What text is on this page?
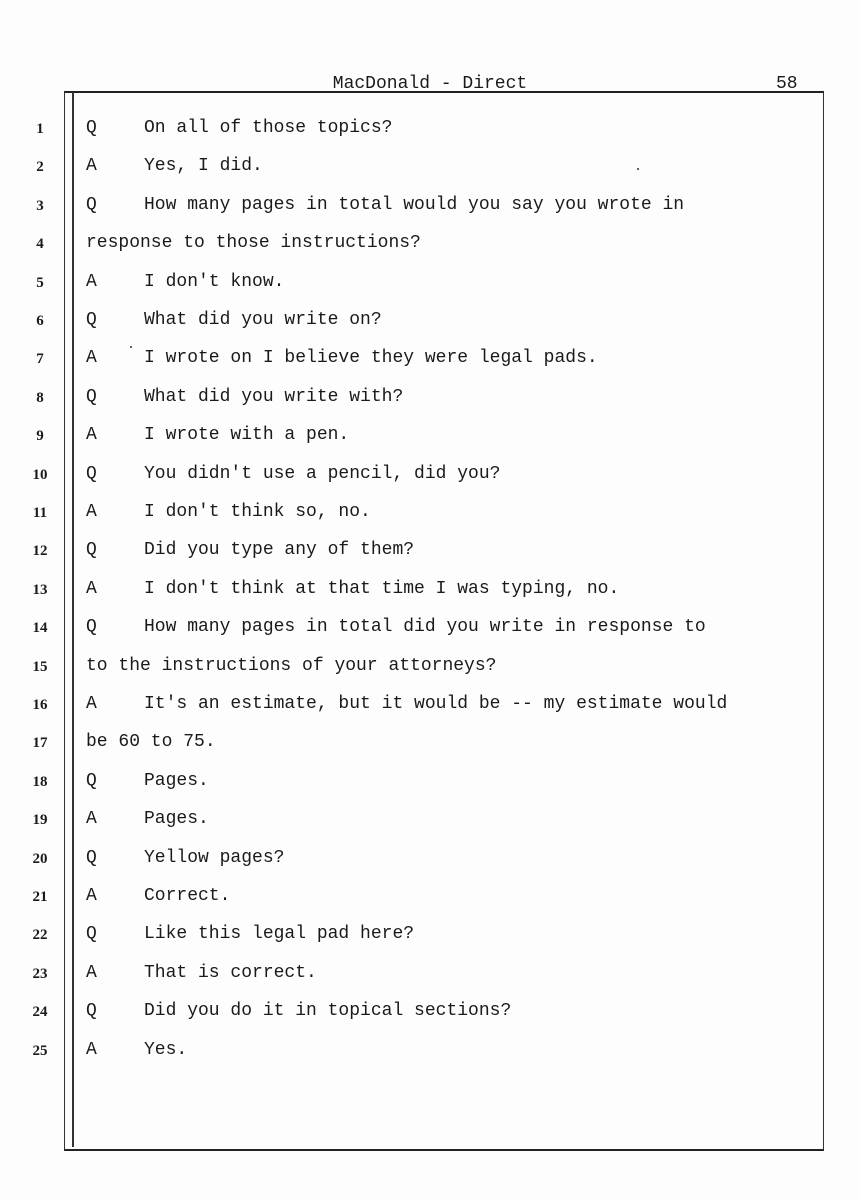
MacDonald - Direct	58
1	Q	On all of those topics?
2	A	Yes, I did.
3	Q	How many pages in total would you say you wrote in
4	response to those instructions?
5	A	I don't know.
6	Q	What did you write on?
7	A	I wrote on I believe they were legal pads.
8	Q	What did you write with?
9	A	I wrote with a pen.
10	Q	You didn't use a pencil, did you?
11	A	I don't think so, no.
12	Q	Did you type any of them?
13	A	I don't think at that time I was typing, no.
14	Q	How many pages in total did you write in response to
15	to the instructions of your attorneys?
16	A	It's an estimate, but it would be -- my estimate would
17	be 60 to 75.
18	Q	Pages.
19	A	Pages.
20	Q	Yellow pages?
21	A	Correct.
22	Q	Like this legal pad here?
23	A	That is correct.
24	Q	Did you do it in topical sections?
25	A	Yes.
